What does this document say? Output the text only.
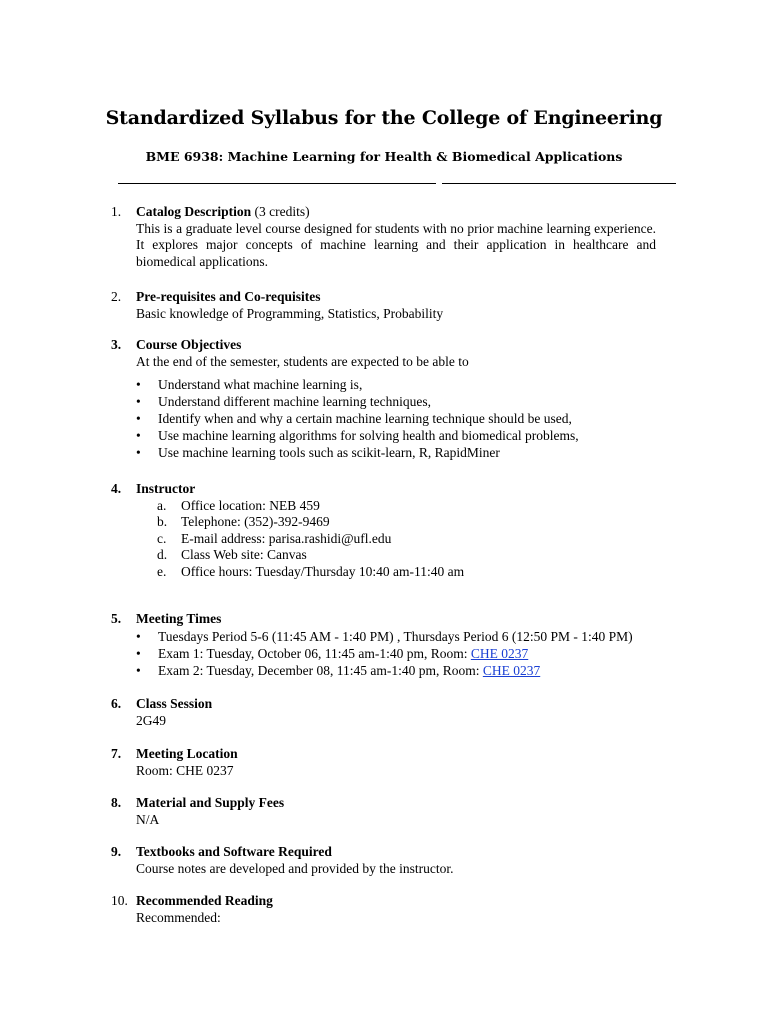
Standardized Syllabus for the College of Engineering
BME 6938: Machine Learning for Health & Biomedical Applications
1.	Catalog Description (3 credits)
This is a graduate level course designed for students with no prior machine learning experience. It explores major concepts of machine learning and their application in healthcare and biomedical applications.
2.	Pre-requisites and Co-requisites
Basic knowledge of Programming, Statistics, Probability
3.	Course Objectives
At the end of the semester, students are expected to be able to
• Understand what machine learning is,
• Understand different machine learning techniques,
• Identify when and why a certain machine learning technique should be used,
• Use machine learning algorithms for solving health and biomedical problems,
• Use machine learning tools such as scikit-learn, R, RapidMiner
4.	Instructor
a. Office location: NEB 459
b. Telephone: (352)-392-9469
c. E-mail address: parisa.rashidi@ufl.edu
d. Class Web site: Canvas
e. Office hours: Tuesday/Thursday 10:40 am-11:40 am
5.	Meeting Times
• Tuesdays Period 5-6 (11:45 AM - 1:40 PM) , Thursdays Period 6 (12:50 PM - 1:40 PM)
• Exam 1: Tuesday, October 06, 11:45 am-1:40 pm, Room: CHE 0237
• Exam 2: Tuesday, December 08, 11:45 am-1:40 pm, Room: CHE 0237
6.	Class Session
2G49
7.	Meeting Location
Room: CHE 0237
8.	Material and Supply Fees
N/A
9.	Textbooks and Software Required
Course notes are developed and provided by the instructor.
10. Recommended Reading
Recommended:
